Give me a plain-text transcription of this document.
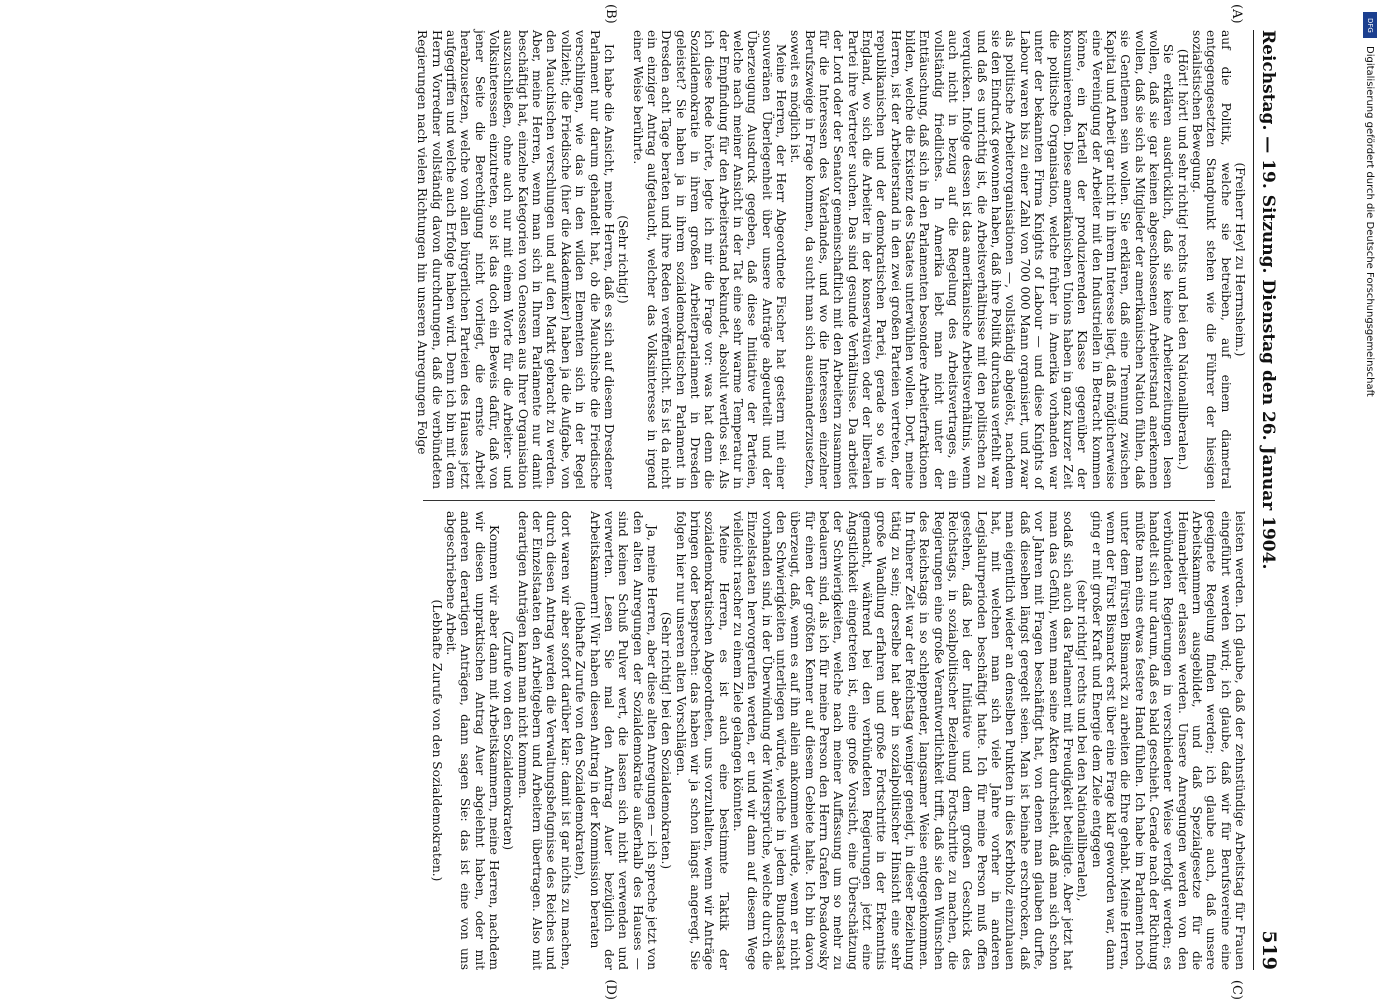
Reichstag. — 19. Sitzung. Dienstag den 26. Januar 1904.
519
(A)
(B)

(Freiherr Heyl zu Herrnsheim.)

auf die Politik, welche sie betreiben, auf einem diametral entgegengesetzten Standpunkt stehen wie die Führer der hiesigen sozialistischen Bewegung.

(Hört! hört! und sehr richtig! rechts und bei den Nationalliberalen.)

Sie erklären ausdrücklich, daß sie keine Arbeiterzeitungen lesen wollen, daß sie gar keinen abgeschlossenen Arbeiterstand anerkennen wollen, daß sie sich als Mitglieder der amerikanischen Nation fühlen, daß sie Gentlemen sein wollen. Sie erklären, daß eine Trennung zwischen Kapital und Arbeit gar nicht in ihrem Interesse liegt, daß möglicherweise eine Vereinigung der Arbeiter mit den Industriellen in Betracht kommen könne, ein Kartell der produzierenden Klasse gegenüber der konsumierenden. Diese amerikanischen Unions haben in ganz kurzer Zeit die politische Organisation, welche früher in Amerika vorhanden war unter der bekannten Firma Knights of Labour — und diese Knights of Labour waren bis zu einer Zahl von 700 000 Mann organisiert, und zwar als politische Arbeiterorganisationen —, vollständig abgelöst, nachdem sie den Eindruck gewonnen haben, daß ihre Politik durchaus verfehlt war und daß es unrichtig ist, die Arbeitsverhältnisse mit den politischen zu verquicken. Infolge dessen ist das amerikanische Arbeitsverhältnis, wenn auch nicht in bezug auf die Regelung des Arbeitsvertrages, ein vollständig friedliches. In Amerika lebt man nicht unter der Enttäuschung, daß sich in den Parlamenten besondere Arbeiterfraktionen bilden, welche die Existenz des Staates unterwühlen wollen. Dort, meine Herren, ist der Arbeiterstand in den zwei großen Parteien vertreten, der republikanischen und der demokratischen Partei, gerade so wie in England, wo sich die Arbeiter in der konservativen oder der liberalen Partei ihre Vertreter suchen. Das sind gesunde Verhältnisse. Da arbeitet der Lord oder der Senator gemeinschaftlich mit den Arbeitern zusammen für die Interessen des Vaterlandes, und wo die Interessen einzelner Berufszweige in Frage kommen, da sucht man sich auseinanderzusetzen, soweit es möglich ist.

Meine Herren, der Herr Abgeordnete Fischer hat gestern mit einer souveränen Überlegenheit über unsere Anträge abgeurteilt und der Überzeugung Ausdruck gegeben, daß diese Initiative der Parteien, welche nach meiner Ansicht in der Tat eine sehr warme Temperatur in der Empfindung für den Arbeiterstand bekundet, absolut wertlos sei. Als ich diese Rede hörte, legte ich mir die Frage vor: was hat denn die Sozialdemokratie in ihrem großen Arbeiterparlament in Dresden geleistet? Sie haben ja in ihrem sozialdemokratischen Parlament in Dresden acht Tage beraten und ihre Reden veröffentlicht. Es ist da nicht ein einziger Antrag aufgetaucht, welcher das Volksinteresse in irgend einer Weise berührte.

(Sehr richtig!)

Ich habe die Ansicht, meine Herren, daß es sich auf diesem Dresdener Parlament nur darum gehandelt hat, ob die Mauchische die Friedische verschlingen, wie das in den wilden Elementen sich in der Regel vollzieht; die Friedische (hier die Akademiker) haben ja die Aufgabe, von den Mauchischen verschlungen und auf den Markt gebracht zu werden. Aber, meine Herren, wenn man sich in Ihrem Parlamente nur damit beschäftigt hat, einzelne Kategorien von Genossen aus Ihrer Organisation auszuschließen, ohne auch nur mit einem Worte für die Arbeiter- und Volksinteressen einzutreten, so ist das doch ein Beweis dafür, daß von jener Seite die Berechtigung nicht vorliegt, die ernste Arbeit herabzusetzen, welche von allen bürgerlichen Parteien des Hauses jetzt aufgegriffen und welche auch Erfolge haben wird. Denn ich bin mit dem Herrn Vorredner vollständig davon durchdrungen, daß die verbündeten Regierungen nach vielen Richtungen hin unseren Anregungen Folge

(C)
(D)

leisten werden. Ich glaube, daß der zehnstündige Arbeitstag für Frauen eingeführt werden wird; ich glaube, daß wir für Berufsvereine eine geeignete Regelung finden werden; ich glaube auch, daß unsere Arbeitskammern ausgebildet, und daß Spezialgesetze für die Heimarbeiter erlassen werden. Unsere Anregungen werden von den verbündeten Regierungen in verschiedener Weise verfolgt werden; es handelt sich nur darum, daß es bald geschieht. Gerade nach der Richtung müßte man eins etwas festere Hand fühlen. Ich habe im Parlament noch unter dem Fürsten Bismarck zu arbeiten die Ehre gehabt. Meine Herren, wenn der Fürst Bismarck erst über eine Frage klar geworden war, dann ging er mit großer Kraft und Energie dem Ziele entgegen

(sehr richtig! rechts und bei den Nationalliberalen),

sodaß sich auch das Parlament mit Freudigkeit beteiligte. Aber jetzt hat man das Gefühl, wenn man seine Akten durchsieht, daß man sich schon vor Jahren mit Fragen beschäftigt hat, von denen man glauben durfte, daß dieselben längst geregelt seien. Man ist beinahe erschrocken, daß man eigentlich wieder an denselben Punkten in dies Kerbholz einzuhauen hat, mit welchen man sich viele Jahre vorher in anderen Legislaturperioden beschäftigt hatte. Ich für meine Person muß offen gestehen, daß bei der Initiative und dem großen Geschick des Reichstags, in sozialpolitischer Beziehung Fortschritte zu machen, die Regierungen eine große Verantwortlichkeit trifft, daß sie den Wünschen des Reichstags in so schleppender, langsamer Weise entgegenkommen. In früherer Zeit war der Reichstag weniger geneigt, in dieser Beziehung tätig zu sein; derselbe hat aber in sozialpolitischer Hinsicht eine sehr große Wandlung erfahren und große Fortschritte in der Erkenntnis gemacht, während bei den verbündeten Regierungen jetzt eine Ängstlichkeit eingetreten ist, eine große Vorsicht, eine Überschätzung der Schwierigkeiten, welche nach meiner Auffassung um so mehr zu bedauern sind, als ich für meine Person den Herrn Grafen Posadowsky für einen der größten Kenner auf diesem Gebiete halte. Ich bin davon überzeugt, daß, wenn es auf ihn allein ankommen würde, wenn er nicht den Schwierigkeiten unterliegen würde, welche in jedem Bundesstaat vorhanden sind, in der Überwindung der Widersprüche, welche durch die Einzelstaaten hervorgerufen werden, er und wir dann auf diesem Wege vielleicht rascher zu einem Ziele gelangen könnten.

Meine Herren, es ist auch eine bestimmte Taktik der sozialdemokratischen Abgeordneten, uns vorzuhalten, wenn wir Anträge bringen oder besprechen: das haben wir ja schon längst angeregt, Sie folgen hier nur unseren alten Vorschlägen.

(Sehr richtig! bei den Sozialdemokraten.)

Ja, meine Herren, aber diese alten Anregungen — ich spreche jetzt von den alten Anregungen der Sozialdemokratie außerhalb des Hauses — sind keinen Schuß Pulver wert, die lassen sich nicht verwenden und verwerten. Lesen Sie mal den Antrag Auer bezüglich der Arbeitskammern! Wir haben diesen Antrag in der Kommission beraten

(lebhafte Zurufe von den Sozialdemokraten),

dort waren wir aber sofort darüber klar: damit ist gar nichts zu machen, durch diesen Antrag werden die Verwaltungsbefugnisse des Reiches und der Einzelstaaten den Arbeitgebern und Arbeitern übertragen. Also mit derartigen Anträgen kann man nicht kommen.

(Zurufe von den Sozialdemokraten)

Kommen wir aber dann mit Arbeitskammern, meine Herren, nachdem wir diesen unpraktischen Antrag Auer abgelehnt haben, oder mit anderen derartigen Anträgen, dann sagen Sie: das ist eine von uns abgeschriebene Arbeit.

(Lebhafte Zurufe von den Sozialdemokraten.)

DFG
Digitalisierung gefördert durch die Deutsche Forschungsgemeinschaft
